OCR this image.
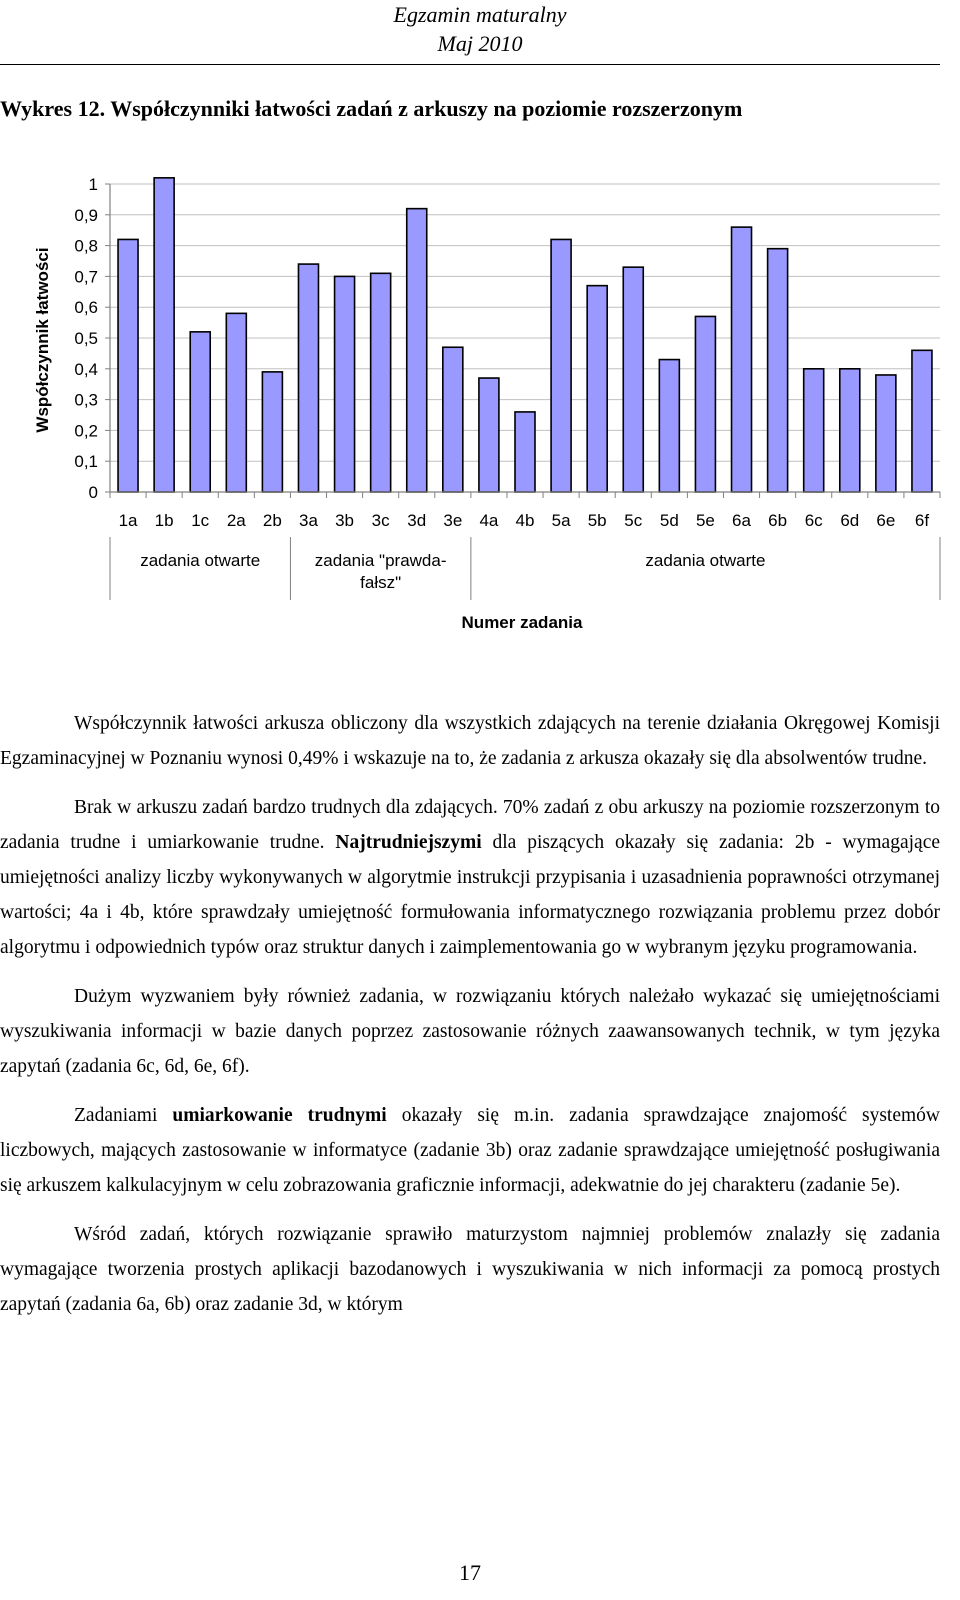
Egzamin maturalny
Maj 2010
Wykres 12. Współczynniki łatwości zadań z arkuszy na poziomie rozszerzonym
0
0,1
0,2
0,3
0,4
0,5
0,6
0,7
0,8
0,9
1
1a 1b 1c 2a 2b 3a 3b 3c 3d 3e 4a 4b 5a 5b 5c 5d 5e 6a 6b 6c 6d 6e 6f
zadania otwarte	zadania "prawda-fałsz"
zadania otwarte
Współczynnik łatwości
Numer zadania

Współczynnik łatwości arkusza obliczony dla wszystkich zdających na terenie działania Okręgowej Komisji Egzaminacyjnej w Poznaniu wynosi 0,49% i wskazuje na to, że zadania z arkusza okazały się dla absolwentów trudne.

Brak w arkuszu zadań bardzo trudnych dla zdających. 70% zadań z obu arkuszy na poziomie rozszerzonym to zadania trudne i umiarkowanie trudne. Najtrudniejszymi dla piszących okazały się zadania: 2b - wymagające umiejętności analizy liczby wykonywanych w algorytmie instrukcji przypisania i uzasadnienia poprawności otrzymanej wartości; 4a i 4b, które sprawdzały umiejętność formułowania informatycznego rozwiązania problemu przez dobór algorytmu i odpowiednich typów oraz struktur danych i zaimplementowania go w wybranym języku programowania.

Dużym wyzwaniem były również zadania, w rozwiązaniu których należało wykazać się umiejętnościami wyszukiwania informacji w bazie danych poprzez zastosowanie różnych zaawansowanych technik, w tym języka zapytań (zadania 6c, 6d, 6e, 6f).

Zadaniami umiarkowanie trudnymi okazały się m.in. zadania sprawdzające znajomość systemów liczbowych, mających zastosowanie w informatyce (zadanie 3b) oraz zadanie sprawdzające umiejętność posługiwania się arkuszem kalkulacyjnym w celu zobrazowania graficznie informacji, adekwatnie do jej charakteru (zadanie 5e).

Wśród zadań, których rozwiązanie sprawiło maturzystom najmniej problemów znalazły się zadania wymagające tworzenia prostych aplikacji bazodanowych i wyszukiwania w nich informacji za pomocą prostych zapytań (zadania 6a, 6b) oraz zadanie 3d, w którym

17
